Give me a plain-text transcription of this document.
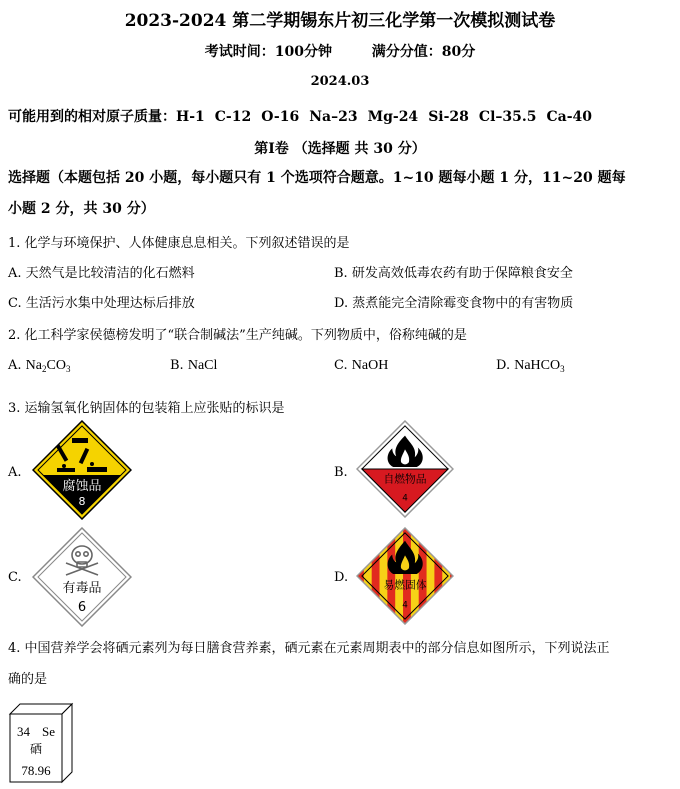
2023-2024 第二学期锡东片初三化学第一次模拟测试卷
考试时间：100分钟	满分分值：80分
2024.03
可能用到的相对原子质量：H-1 C-12 O-16 Na–23 Mg-24 Si-28 Cl–35.5 Ca-40
第Ⅰ卷 （选择题 共 30 分）
选择题（本题包括 20 小题，每小题只有 1 个选项符合题意。1~10 题每小题 1 分，11~20 题每
小题 2 分，共 30 分）
1. 化学与环境保护、人体健康息息相关。下列叙述错误的是
A. 天然气是比较清洁的化石燃料	B. 研发高效低毒农药有助于保障粮食安全
C. 生活污水集中处理达标后排放	D. 蒸煮能完全清除霉变食物中的有害物质
2. 化工科学家侯德榜发明了“联合制碱法”生产纯碱。下列物质中，俗称纯碱的是
A. $Na_2CO_3$	B. NaCl	C. NaOH	D. NaHCO$_3$
3. 运输氢氧化钠固体的包装箱上应张贴的标识是
A.
腐蚀品
8
B.	自燃物品
4
C.
有毒品
6
D.
易燃固体
4
4. 中国营养学会将硒元素列为每日膳食营养素，硒元素在元素周期表中的部分信息如图所示，下列说法正
确的是
34 Se
硒
78.96
